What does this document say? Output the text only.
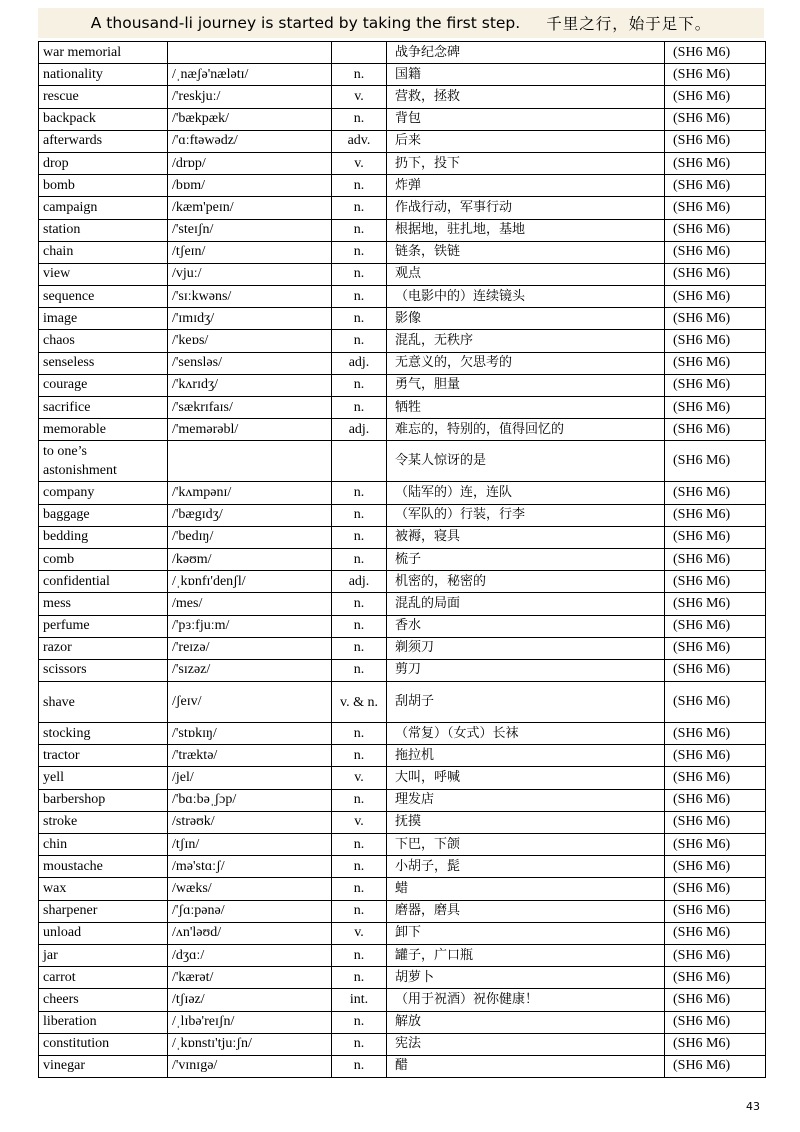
A thousand-li journey is started by taking the first step. 千里之行，始于足下。
war memorial			战争纪念碑	(SH6 M6)
nationality	/ˌnæʃə'nælətɪ/	n.	国籍	(SH6 M6)
rescue	/'reskjuː/	v.	营救，拯救	(SH6 M6)
backpack	/'bækpæk/	n.	背包	(SH6 M6)
afterwards	/'ɑːftəwədz/	adv.	后来	(SH6 M6)
drop	/drɒp/	v.	扔下，投下	(SH6 M6)
bomb	/bɒm/	n.	炸弹	(SH6 M6)
campaign	/kæm'peɪn/	n.	作战行动，军事行动	(SH6 M6)
station	/'steɪʃn/	n.	根据地，驻扎地，基地	(SH6 M6)
chain	/tʃeɪn/	n.	链条，铁链	(SH6 M6)
view	/vjuː/	n.	观点	(SH6 M6)
sequence	/'sɪːkwəns/	n.	（电影中的）连续镜头	(SH6 M6)
image	/'ɪmɪdʒ/	n.	影像	(SH6 M6)
chaos	/'keɒs/	n.	混乱，无秩序	(SH6 M6)
senseless	/'sensləs/	adj.	无意义的，欠思考的	(SH6 M6)
courage	/'kʌrɪdʒ/	n.	勇气，胆量	(SH6 M6)
sacrifice	/'sækrɪfaɪs/	n.	牺牲	(SH6 M6)
memorable	/'memərəbl/	adj.	难忘的，特别的，值得回忆的	(SH6 M6)
to one’s astonishment			令某人惊讶的是	(SH6 M6)
company	/'kʌmpənɪ/	n.	（陆军的）连，连队	(SH6 M6)
baggage	/'bægɪdʒ/	n.	（军队的）行装，行李	(SH6 M6)
bedding	/'bedɪŋ/	n.	被褥，寝具	(SH6 M6)
comb	/kəʊm/	n.	梳子	(SH6 M6)
confidential	/ˌkɒnfɪ'denʃl/	adj.	机密的，秘密的	(SH6 M6)
mess	/mes/	n.	混乱的局面	(SH6 M6)
perfume	/'pɜːfjuːm/	n.	香水	(SH6 M6)
razor	/'reɪzə/	n.	剃须刀	(SH6 M6)
scissors	/'sɪzəz/	n.	剪刀	(SH6 M6)
shave	/ʃeɪv/	v. & n.	刮胡子	(SH6 M6)
stocking	/'stɒkɪŋ/	n.	（常复）（女式）长袜	(SH6 M6)
tractor	/'træktə/	n.	拖拉机	(SH6 M6)
yell	/jel/	v.	大叫，呼喊	(SH6 M6)
barbershop	/'bɑːbəˌʃɔp/	n.	理发店	(SH6 M6)
stroke	/strəʊk/	v.	抚摸	(SH6 M6)
chin	/tʃɪn/	n.	下巴，下颌	(SH6 M6)
moustache	/mə'stɑːʃ/	n.	小胡子，髭	(SH6 M6)
wax	/wæks/	n.	蜡	(SH6 M6)
sharpener	/'ʃɑːpənə/	n.	磨器，磨具	(SH6 M6)
unload	/ʌn'ləʊd/	v.	卸下	(SH6 M6)
jar	/dʒɑː/	n.	罐子，广口瓶	(SH6 M6)
carrot	/'kærət/	n.	胡萝卜	(SH6 M6)
cheers	/tʃɪəz/	int.	（用于祝酒）祝你健康！	(SH6 M6)
liberation	/ˌlɪbə'reɪʃn/	n.	解放	(SH6 M6)
constitution	/ˌkɒnstɪ'tjuːʃn/	n.	宪法	(SH6 M6)
vinegar	/'vɪnɪgə/	n.	醋	(SH6 M6)
43
